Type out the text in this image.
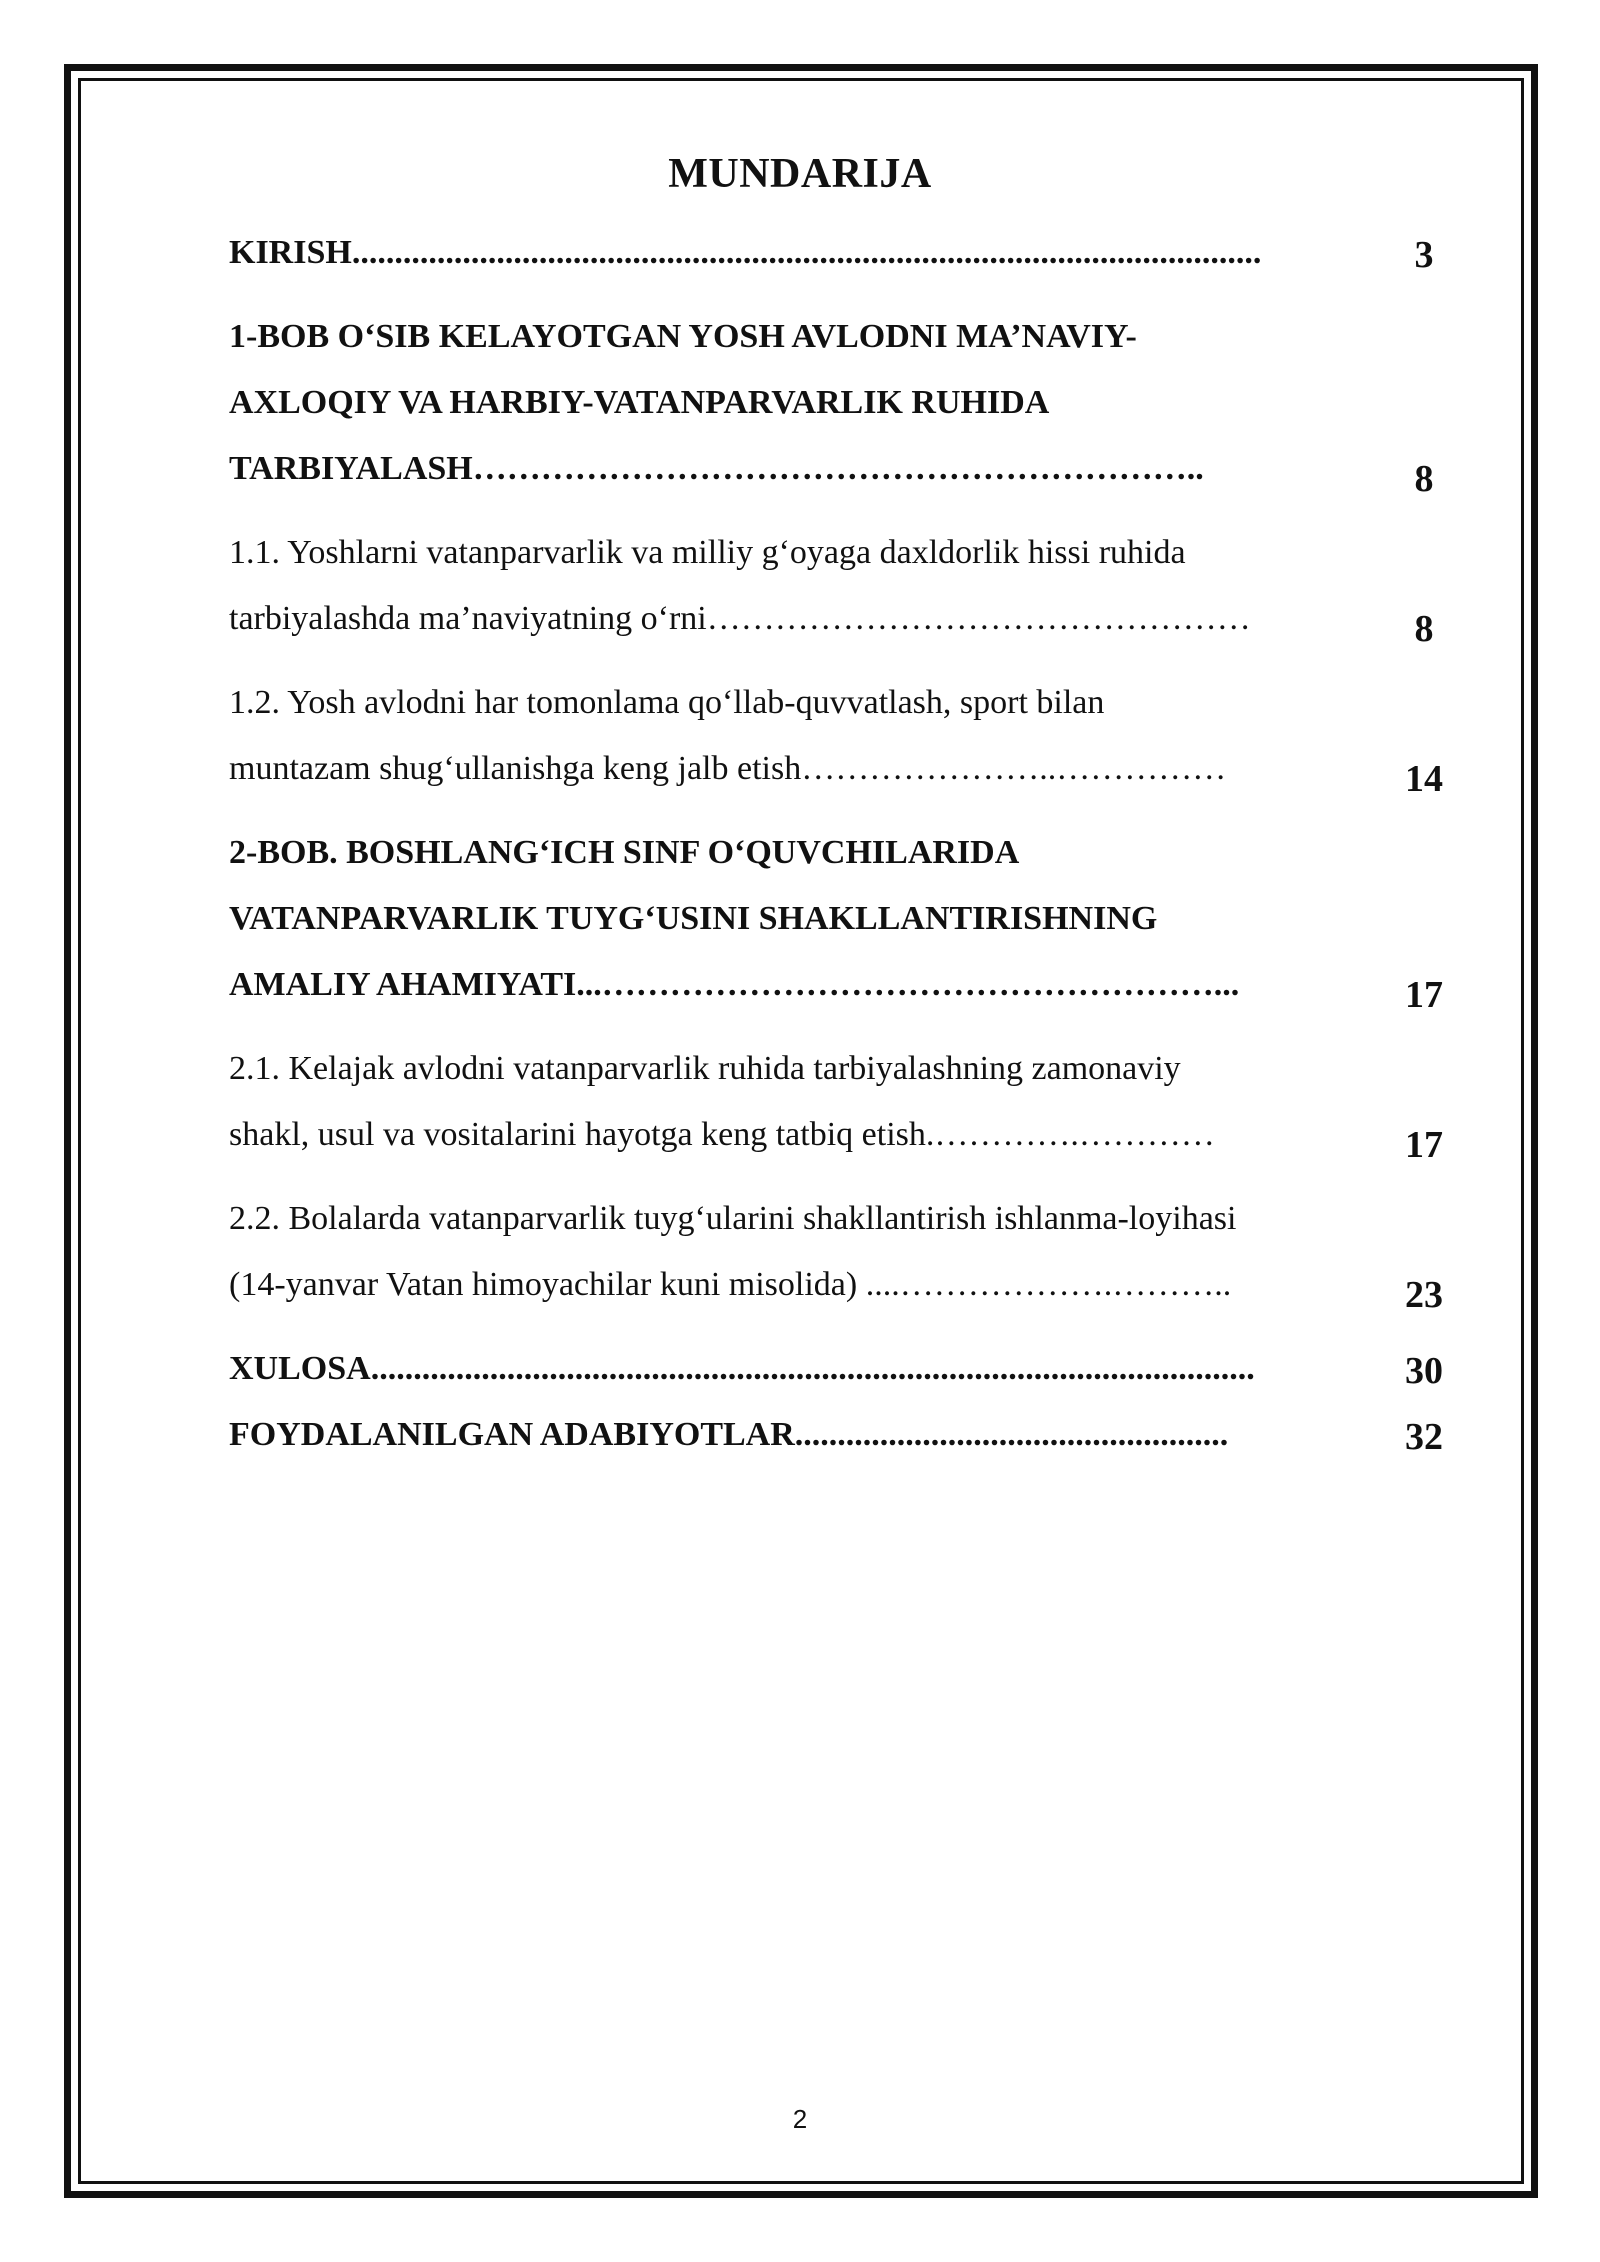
MUNDARIJA
KIRISH...........................................................................................................	3
1-BOB O‘SIB KELAYOTGAN YOSH AVLODNI MA’NAVIY-
AXLOQIY VA HARBIY-VATANPARVARLIK RUHIDA
TARBIYALASH………………………………………………………..	8
1.1. Yoshlarni vatanparvarlik va milliy g‘oyaga daxldorlik hissi ruhida
tarbiyalashda ma’naviyatning o‘rni…………………………………………	8
1.2. Yosh avlodni har tomonlama qo‘llab-quvvatlash, sport bilan
muntazam shug‘ullanishga keng jalb etish…………………..……………	14
2-BOB. BOSHLANG‘ICH SINF O‘QUVCHILARIDA
VATANPARVARLIK TUYG‘USINI SHAKLLANTIRISHNING
AMALIY AHAMIYATI...………………………………………………...	17
2.1. Kelajak avlodni vatanparvarlik ruhida tarbiyalashning zamonaviy
shakl, usul va vositalarini hayotga keng tatbiq etish.………….…………	17
2.2. Bolalarda vatanparvarlik tuyg‘ularini shakllantirish ishlanma-loyihasi
(14-yanvar Vatan himoyachilar kuni misolida) ....……………….………..	23
XULOSA........................................................................................................	30
FOYDALANILGAN ADABIYOTLAR...................................................	32
2
